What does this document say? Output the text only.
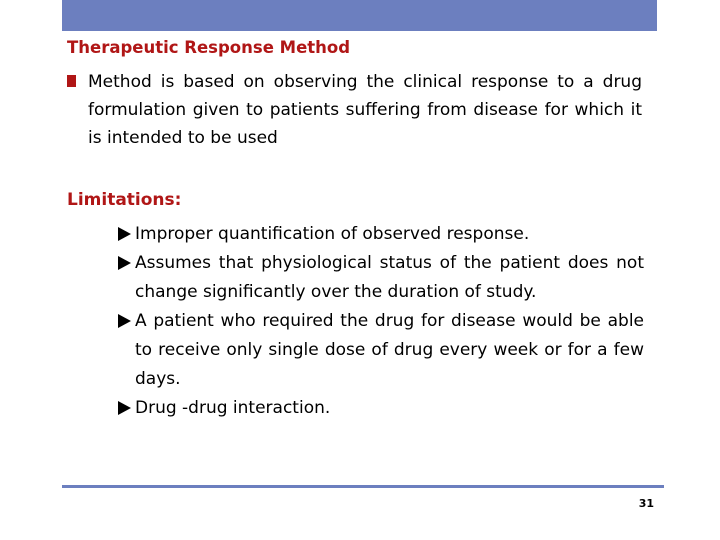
Therapeutic Response Method
Method is based on observing the clinical response to a drug formulation given to patients suffering from disease for which it is intended to be used
Limitations:
Improper quantification of observed response.
Assumes that physiological status of the patient does not change significantly over the duration of study.
A patient who required the drug for disease would be able to receive only single dose of drug every week or for a few days.
Drug -drug interaction.
31
